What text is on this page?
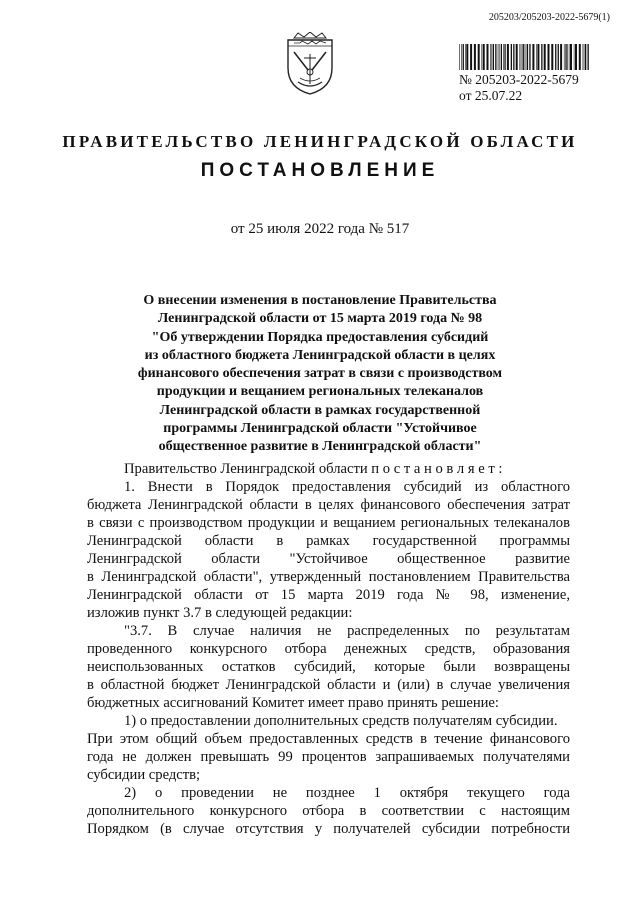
205203/205203-2022-5679(1)
№ 205203-2022-5679
от 25.07.22
ПРАВИТЕЛЬСТВО ЛЕНИНГРАДСКОЙ ОБЛАСТИ
ПОСТАНОВЛЕНИЕ
от 25 июля 2022 года № 517
О внесении изменения в постановление Правительства
Ленинградской области от 15 марта 2019 года № 98
"Об утверждении Порядка предоставления субсидий
из областного бюджета Ленинградской области в целях
финансового обеспечения затрат в связи с производством
продукции и вещанием региональных телеканалов
Ленинградской области в рамках государственной
программы Ленинградской области "Устойчивое
общественное развитие в Ленинградской области"
Правительство Ленинградской области п о с т а н о в л я е т :
1. Внести в Порядок предоставления субсидий из областного
бюджета Ленинградской области в целях финансового обеспечения затрат
в связи с производством продукции и вещанием региональных телеканалов
Ленинградской области в рамках государственной программы
Ленинградской области "Устойчивое общественное развитие
в Ленинградской области", утвержденный постановлением Правительства
Ленинградской области от 15 марта 2019 года № 98, изменение,
изложив пункт 3.7 в следующей редакции:
"3.7. В случае наличия не распределенных по результатам
проведенного конкурсного отбора денежных средств, образования
неиспользованных остатков субсидий, которые были возвращены
в областной бюджет Ленинградской области и (или) в случае увеличения
бюджетных ассигнований Комитет имеет право принять решение:
1) о предоставлении дополнительных средств получателям субсидии.
При этом общий объем предоставленных средств в течение финансового
года не должен превышать 99 процентов запрашиваемых получателями
субсидии средств;
2) о проведении не позднее 1 октября текущего года
дополнительного конкурсного отбора в соответствии с настоящим
Порядком (в случае отсутствия у получателей субсидии потребности
